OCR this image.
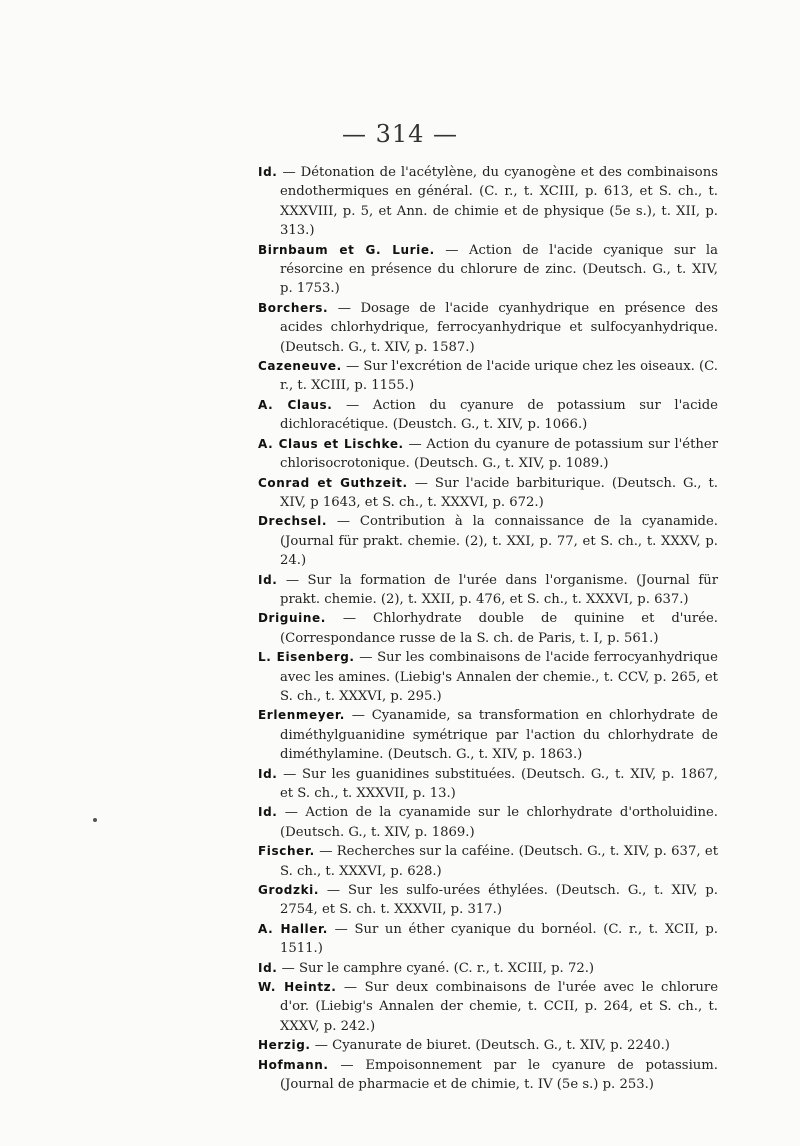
— 314 —

Id. — Détonation de l'acétylène, du cyanogène et des combinaisons endothermiques en général. (C. r., t. XCIII, p. 613, et S. ch., t. XXXVIII, p. 5, et Ann. de chimie et de physique (5e s.), t. XII, p. 313.)

Birnbaum et G. Lurie. — Action de l'acide cyanique sur la résorcine en présence du chlorure de zinc. (Deutsch. G., t. XIV, p. 1753.)

Borchers. — Dosage de l'acide cyanhydrique en présence des acides chlorhydrique, ferrocyanhydrique et sulfocyanhydrique. (Deutsch. G., t. XIV, p. 1587.)

Cazeneuve. — Sur l'excrétion de l'acide urique chez les oiseaux. (C. r., t. XCIII, p. 1155.)

A. Claus. — Action du cyanure de potassium sur l'acide dichloracétique. (Deustch. G., t. XIV, p. 1066.)

A. Claus et Lischke. — Action du cyanure de potassium sur l'éther chlorisocrotonique. (Deutsch. G., t. XIV, p. 1089.)

Conrad et Guthzeit. — Sur l'acide barbiturique. (Deutsch. G., t. XIV, p 1643, et S. ch., t. XXXVI, p. 672.)

Drechsel. — Contribution à la connaissance de la cyanamide. (Journal für prakt. chemie. (2), t. XXI, p. 77, et S. ch., t. XXXV, p. 24.)

Id. — Sur la formation de l'urée dans l'organisme. (Journal für prakt. chemie. (2), t. XXII, p. 476, et S. ch., t. XXXVI, p. 637.)

Driguine. — Chlorhydrate double de quinine et d'urée. (Correspondance russe de la S. ch. de Paris, t. I, p. 561.)

L. Eisenberg. — Sur les combinaisons de l'acide ferrocyanhydrique avec les amines. (Liebig's Annalen der chemie., t. CCV, p. 265, et S. ch., t. XXXVI, p. 295.)

Erlenmeyer. — Cyanamide, sa transformation en chlorhydrate de diméthylguanidine symétrique par l'action du chlorhydrate de diméthylamine. (Deutsch. G., t. XIV, p. 1863.)

Id. — Sur les guanidines substituées. (Deutsch. G., t. XIV, p. 1867, et S. ch., t. XXXVII, p. 13.)

Id. — Action de la cyanamide sur le chlorhydrate d'ortholuidine. (Deutsch. G., t. XIV, p. 1869.)

Fischer. — Recherches sur la caféine. (Deutsch. G., t. XIV, p. 637, et S. ch., t. XXXVI, p. 628.)

Grodzki. — Sur les sulfo-urées éthylées. (Deutsch. G., t. XIV, p. 2754, et S. ch. t. XXXVII, p. 317.)

A. Haller. — Sur un éther cyanique du bornéol. (C. r., t. XCII, p. 1511.)

Id. — Sur le camphre cyané. (C. r., t. XCIII, p. 72.)

W. Heintz. — Sur deux combinaisons de l'urée avec le chlorure d'or. (Liebig's Annalen der chemie, t. CCII, p. 264, et S. ch., t. XXXV, p. 242.)

Herzig. — Cyanurate de biuret. (Deutsch. G., t. XIV, p. 2240.)

Hofmann. — Empoisonnement par le cyanure de potassium. (Journal de pharmacie et de chimie, t. IV (5e s.) p. 253.)
